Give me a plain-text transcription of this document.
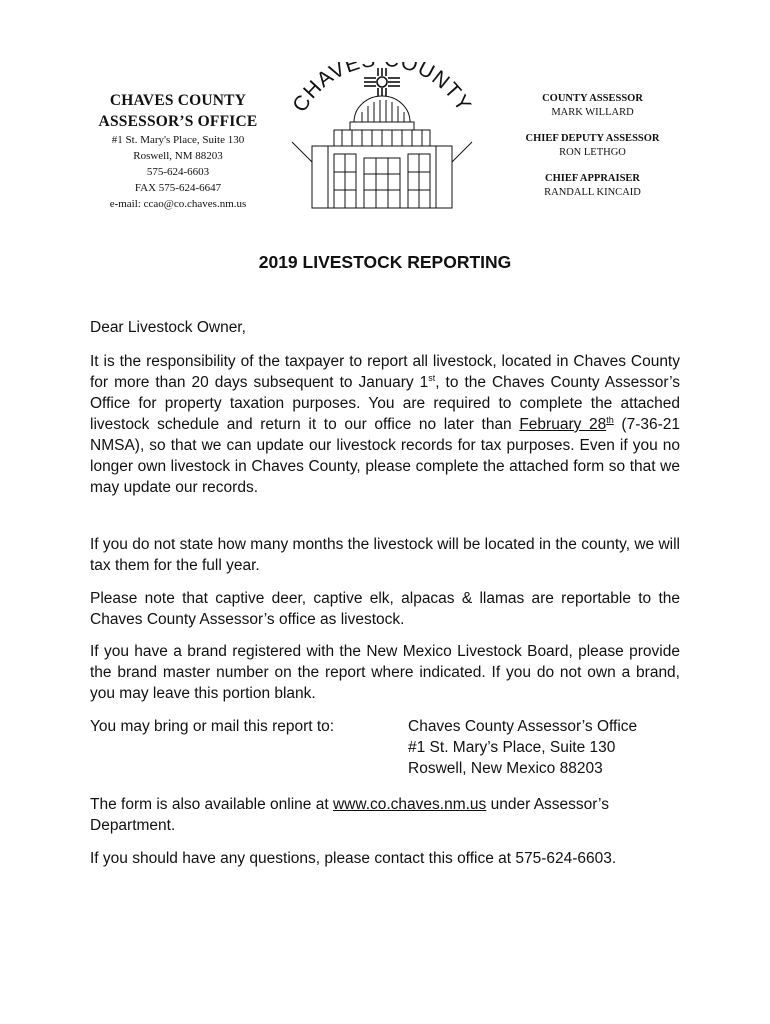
CHAVES COUNTY
ASSESSOR’S OFFICE
#1 St. Mary's Place, Suite 130
Roswell, NM 88203
575-624-6603
FAX 575-624-6647
e-mail: ccao@co.chaves.nm.us
CHAVE OUNTY	COUNTY ASSESSOR
MARK WILLARD
CHIEF DEPUTY ASSESSOR
RON LETHGO
CHIEF APPRAISER
RANDALL KINCAID
2019 LIVESTOCK REPORTING
Dear Livestock Owner,
It is the responsibility of the taxpayer to report all livestock, located in Chaves County for more than 20 days subsequent to January 1st, to the Chaves County Assessor’s Office for property taxation purposes. You are required to complete the attached livestock schedule and return it to our office no later than February 28th (7-36-21 NMSA), so that we can update our livestock records for tax purposes. Even if you no longer own livestock in Chaves County, please complete the attached form so that we may update our records.
If you do not state how many months the livestock will be located in the county, we will tax them for the full year.
Please note that captive deer, captive elk, alpacas & llamas are reportable to the Chaves County Assessor’s office as livestock.
If you have a brand registered with the New Mexico Livestock Board, please provide the brand master number on the report where indicated. If you do not own a brand, you may leave this portion blank.
You may bring or mail this report to:	Chaves County Assessor’s Office
#1 St. Mary’s Place, Suite 130
Roswell, New Mexico 88203
The form is also available online at www.co.chaves.nm.us under Assessor’s Department.
If you should have any questions, please contact this office at 575-624-6603.
